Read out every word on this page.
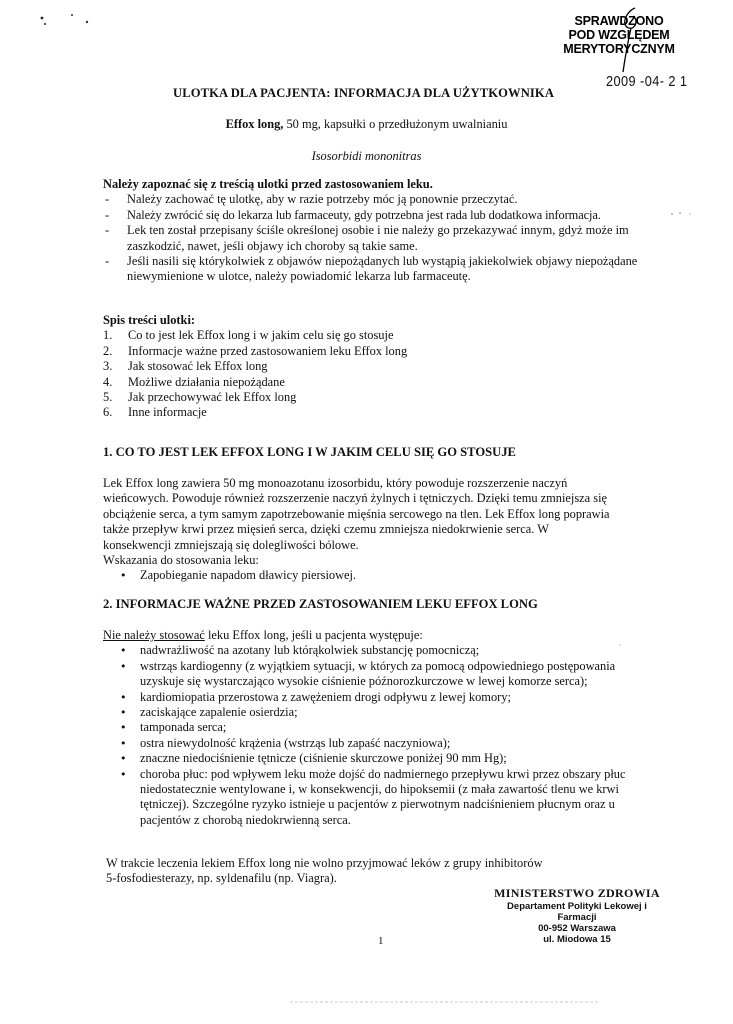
SPRAWDZONO
POD WZGLĘDEM
MERYTORYCZNYM
2009 -04- 2 1
ULOTKA DLA PACJENTA: INFORMACJA DLA UŻYTKOWNIKA
Effox long, 50 mg, kapsułki o przedłużonym uwalnianiu
Isosorbidi mononitras
Należy zapoznać się z treścią ulotki przed zastosowaniem leku.
- Należy zachować tę ulotkę, aby w razie potrzeby móc ją ponownie przeczytać.
- Należy zwrócić się do lekarza lub farmaceuty, gdy potrzebna jest rada lub dodatkowa informacja.
- Lek ten został przepisany ściśle określonej osobie i nie należy go przekazywać innym, gdyż może im zaszkodzić, nawet, jeśli objawy ich choroby są takie same.
- Jeśli nasili się którykolwiek z objawów niepożądanych lub wystąpią jakiekolwiek objawy niepożądane niewymienione w ulotce, należy powiadomić lekarza lub farmaceutę.
Spis treści ulotki:
1. Co to jest lek Effox long i w jakim celu się go stosuje
2. Informacje ważne przed zastosowaniem leku Effox long
3. Jak stosować lek Effox long
4. Możliwe działania niepożądane
5. Jak przechowywać lek Effox long
6. Inne informacje
1. CO TO JEST LEK EFFOX LONG I W JAKIM CELU SIĘ GO STOSUJE

Lek Effox long zawiera 50 mg monoazotanu izosorbidu, który powoduje rozszerzenie naczyń

wieńcowych. Powoduje również rozszerzenie naczyń żylnych i tętniczych. Dzięki temu zmniejsza się

obciążenie serca, a tym samym zapotrzebowanie mięśnia sercowego na tlen. Lek Effox long poprawia

także przepływ krwi przez mięsień serca, dzięki czemu zmniejsza niedokrwienie serca. W

konsekwencji zmniejszają się dolegliwości bólowe.

Wskazania do stosowania leku:

• Zapobieganie napadom dławicy piersiowej.
2. INFORMACJE WAŻNE PRZED ZASTOSOWANIEM LEKU EFFOX LONG
Nie należy stosować leku Effox long, jeśli u pacjenta występuje:
• nadwrażliwość na azotany lub którąkolwiek substancję pomocniczą;
• wstrząs kardiogenny (z wyjątkiem sytuacji, w których za pomocą odpowiedniego postępowania uzyskuje się wystarczająco wysokie ciśnienie późnorozkurczowe w lewej komorze serca);
• kardiomiopatia przerostowa z zawężeniem drogi odpływu z lewej komory;
• zaciskające zapalenie osierdzia;
• tamponada serca;
• ostra niewydolność krążenia (wstrząs lub zapaść naczyniowa);
• znaczne niedociśnienie tętnicze (ciśnienie skurczowe poniżej 90 mm Hg);
• choroba płuc: pod wpływem leku może dojść do nadmiernego przepływu krwi przez obszary płuc niedostatecznie wentylowane i, w konsekwencji, do hipoksemii (z mała zawartość tlenu we krwi tętniczej). Szczególne ryzyko istnieje u pacjentów z pierwotnym nadciśnieniem płucnym oraz u pacjentów z chorobą niedokrwienną serca.

W trakcie leczenia lekiem Effox long nie wolno przyjmować leków z grupy inhibitorów

5-fosfodiesterazy, np. syldenafilu (np. Viagra).

MINISTERSTWO ZDROWIA
Departament Polityki Lekowej i Farmacji
00-952 Warszawa
ul. Miodowa 15
1
